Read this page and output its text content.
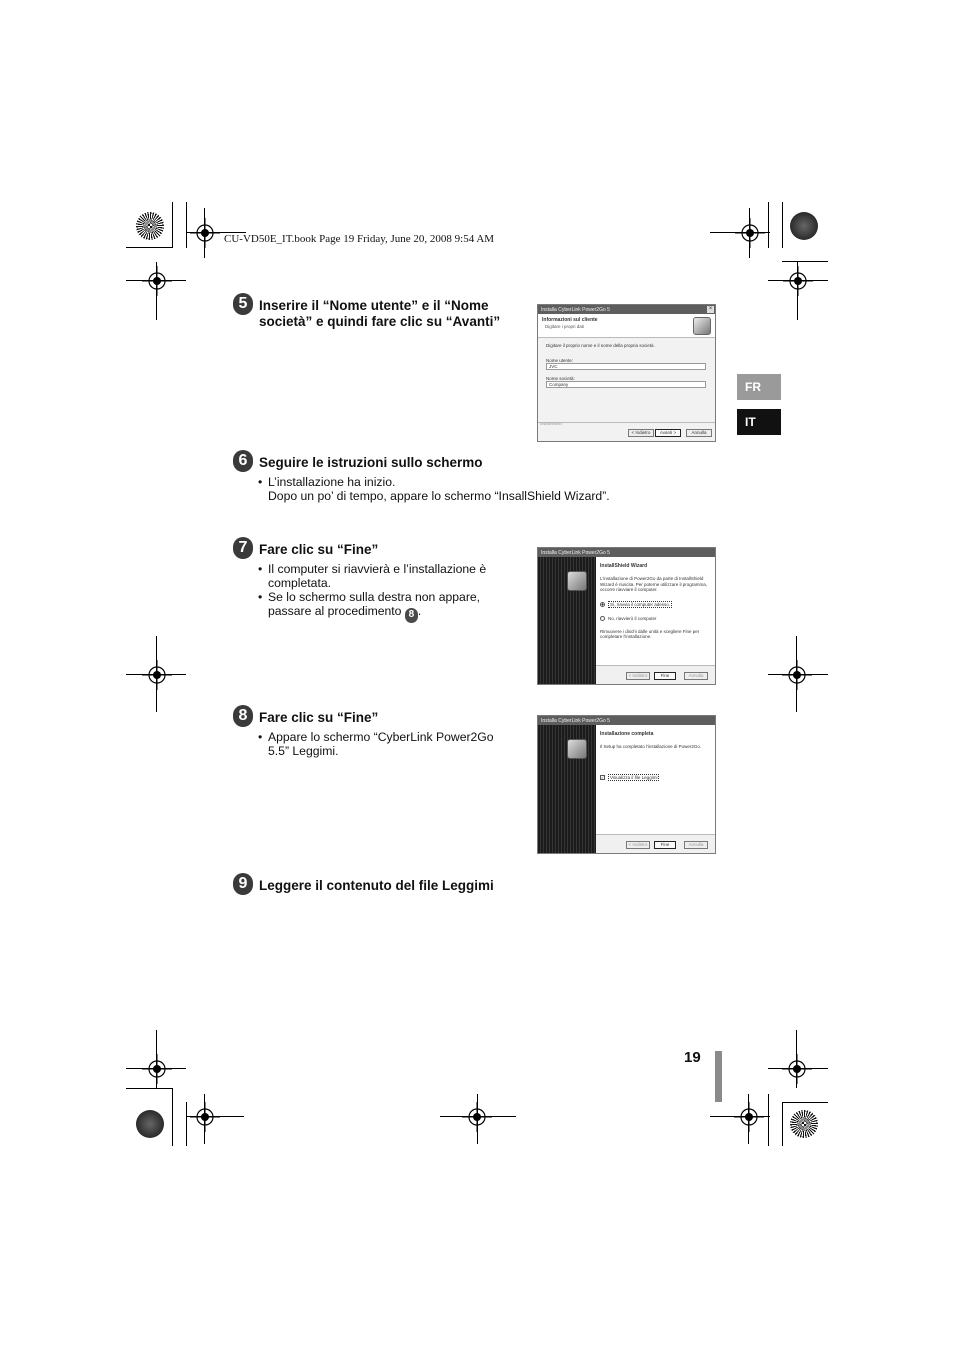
CU-VD50E_IT.book Page 19 Friday, June 20, 2008 9:54 AM
FR
IT
5 Inserire il “Nome utente” e il “Nome
società” e quindi fare clic su “Avanti”
Installa CyberLink Power2Go 5	×
Informazioni sul cliente
Digitare i propri dati
Digitare il proprio nome e il nome della propria società.
Nome utente:
JVC
Nome società:
Company
InstallShield
< Indietro	Avanti >	Annulla
6 Seguire le istruzioni sullo schermo
• L’installazione ha inizio.
Dopo un po’ di tempo, appare lo schermo “InsallShield Wizard”.
7 Fare clic su “Fine”
• Il computer si riavvierà e l’installazione è
completata.
• Se lo schermo sulla destra non appare,
passare al procedimento 8 .
Installa CyberLink Power2Go 5
InstallShield Wizard
L'installazione di Power2Go da parte di InstallShield Wizard è riuscita. Per poterne utilizzare il programma, occorre riavviare il computer.
Sì, riavvia il computer adesso.
No, riavvierò il computer
Rimuovere i dischi dalle unità e scegliere Fine per completare l'installazione.
< Indietro	Fine	Annulla
8 Fare clic su “Fine”
• Appare lo schermo “CyberLink Power2Go
5.5” Leggimi.
Installa CyberLink Power2Go 5
Installazione completa
Il Setup ha completato l'installazione di Power2Go.
✓	Visualizza il file Leggimi
< Indietro	Fine	Annulla
9 Leggere il contenuto del file Leggimi
19
